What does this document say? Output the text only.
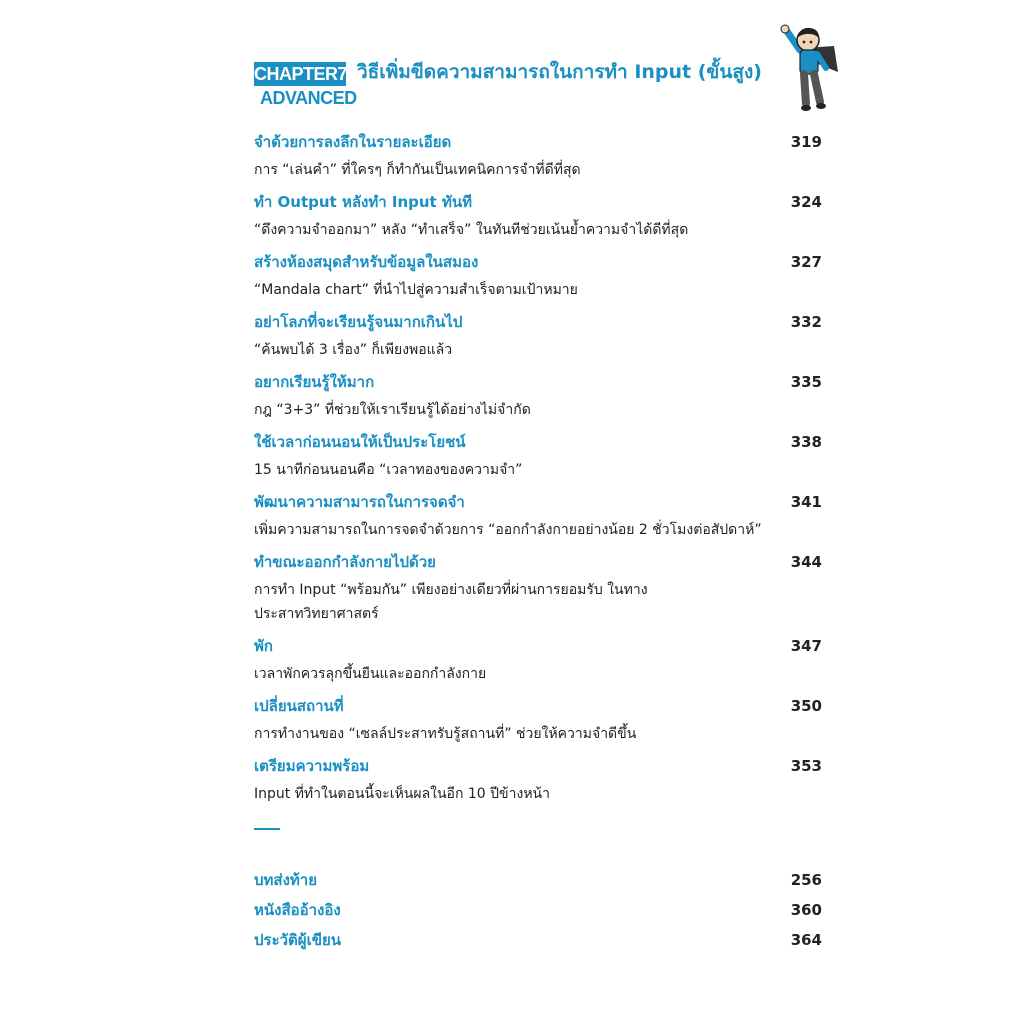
CHAPTER7
ADVANCED
วิธีเพิ่มขีดความสามารถในการทำ Input (ขั้นสูง)
จำด้วยการลงลึกในรายละเอียด	319
การ “เล่นคำ” ที่ใครๆ ก็ทำกันเป็นเทคนิคการจำที่ดีที่สุด
ทำ Output หลังทำ Input ทันที	324
“ดึงความจำออกมา” หลัง “ทำเสร็จ” ในทันทีช่วยเน้นย้ำความจำได้ดีที่สุด
สร้างห้องสมุดสำหรับข้อมูลในสมอง	327
“Mandala chart” ที่นำไปสู่ความสำเร็จตามเป้าหมาย
อย่าโลภที่จะเรียนรู้จนมากเกินไป	332
“ค้นพบได้ 3 เรื่อง” ก็เพียงพอแล้ว
อยากเรียนรู้ให้มาก	335
กฎ “3+3” ที่ช่วยให้เราเรียนรู้ได้อย่างไม่จำกัด
ใช้เวลาก่อนนอนให้เป็นประโยชน์	338
15 นาทีก่อนนอนคือ “เวลาทองของความจำ”
พัฒนาความสามารถในการจดจำ	341
เพิ่มความสามารถในการจดจำด้วยการ “ออกกำลังกายอย่างน้อย 2 ชั่วโมงต่อสัปดาห์”
ทำขณะออกกำลังกายไปด้วย	344
การทำ Input “พร้อมกัน” เพียงอย่างเดียวที่ผ่านการยอมรับ ในทางประสาทวิทยาศาสตร์
พัก	347
เวลาพักควรลุกขึ้นยืนและออกกำลังกาย
เปลี่ยนสถานที่	350
การทำงานของ “เซลล์ประสาทรับรู้สถานที่” ช่วยให้ความจำดีขึ้น
เตรียมความพร้อม	353
Input ที่ทำในตอนนี้จะเห็นผลในอีก 10 ปีข้างหน้า
บทส่งท้าย	256
หนังสืออ้างอิง	360
ประวัติผู้เขียน	364
